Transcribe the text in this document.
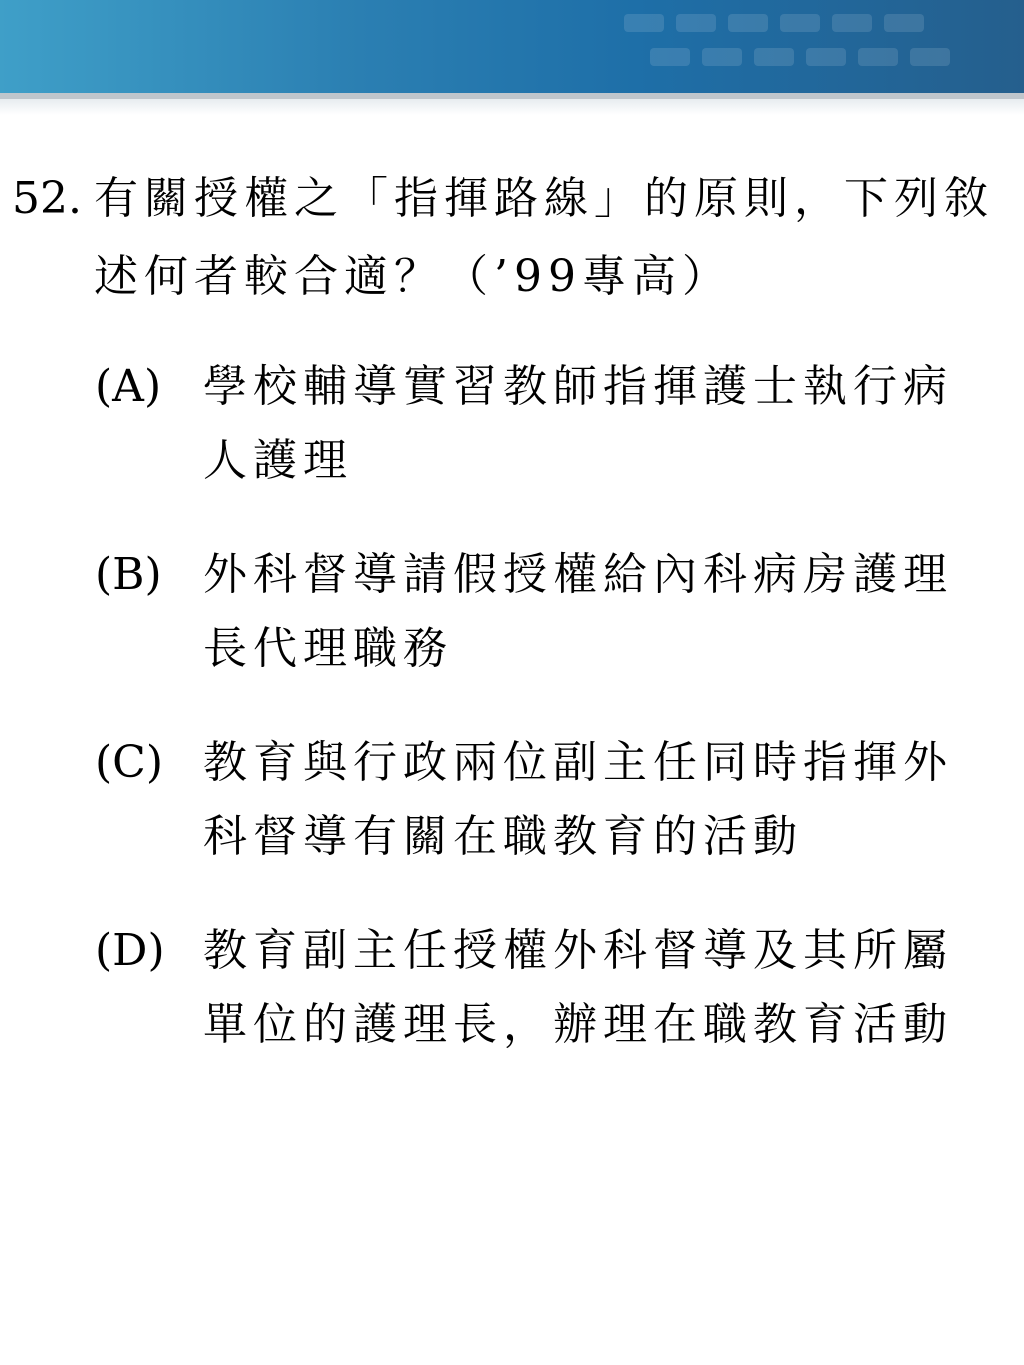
52. 有關授權之「指揮路線」的原則，下列敘述何者較合適？（’99專高）
(A) 學校輔導實習教師指揮護士執行病人護理
(B) 外科督導請假授權給內科病房護理長代理職務
(C) 教育與行政兩位副主任同時指揮外科督導有關在職教育的活動
(D) 教育副主任授權外科督導及其所屬單位的護理長，辦理在職教育活動
